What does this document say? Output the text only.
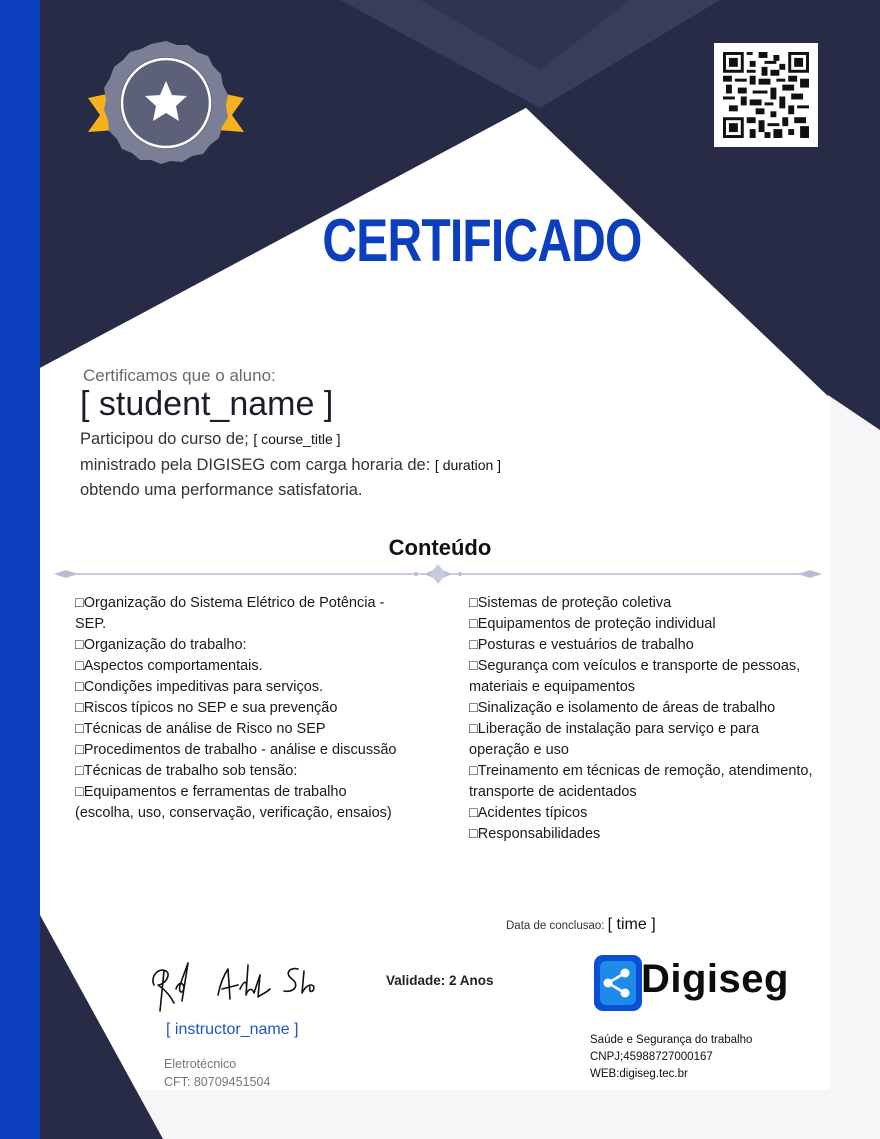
CERTIFICADO
Certificamos que o aluno:
[ student_name ]
Participou do curso de; [ course_title ]
ministrado pela DIGISEG com carga horaria de: [ duration ]
obtendo uma performance satisfatoria.
Conteúdo
□Organização do Sistema Elétrico de Potência - SEP.
□Organização do trabalho:
□Aspectos comportamentais.
□Condições impeditivas para serviços.
□Riscos típicos no SEP e sua prevenção
□Técnicas de análise de Risco no SEP
□Procedimentos de trabalho - análise e discussão
□Técnicas de trabalho sob tensão:
□Equipamentos e ferramentas de trabalho (escolha, uso, conservação, verificação, ensaios)
□Sistemas de proteção coletiva
□Equipamentos de proteção individual
□Posturas e vestuários de trabalho
□Segurança com veículos e transporte de pessoas, materiais e equipamentos
□Sinalização e isolamento de áreas de trabalho
□Liberação de instalação para serviço e para operação e uso
□Treinamento em técnicas de remoção, atendimento, transporte de acidentados
□Acidentes típicos
□Responsabilidades
Data de conclusao: [ time ]
[ instructor_name ]
Eletrotécnico
CFT: 80709451504
Validade: 2 Anos	Digiseg
Saúde e Segurança do trabalho
CNPJ;45988727000167
WEB:digiseg.tec.br
